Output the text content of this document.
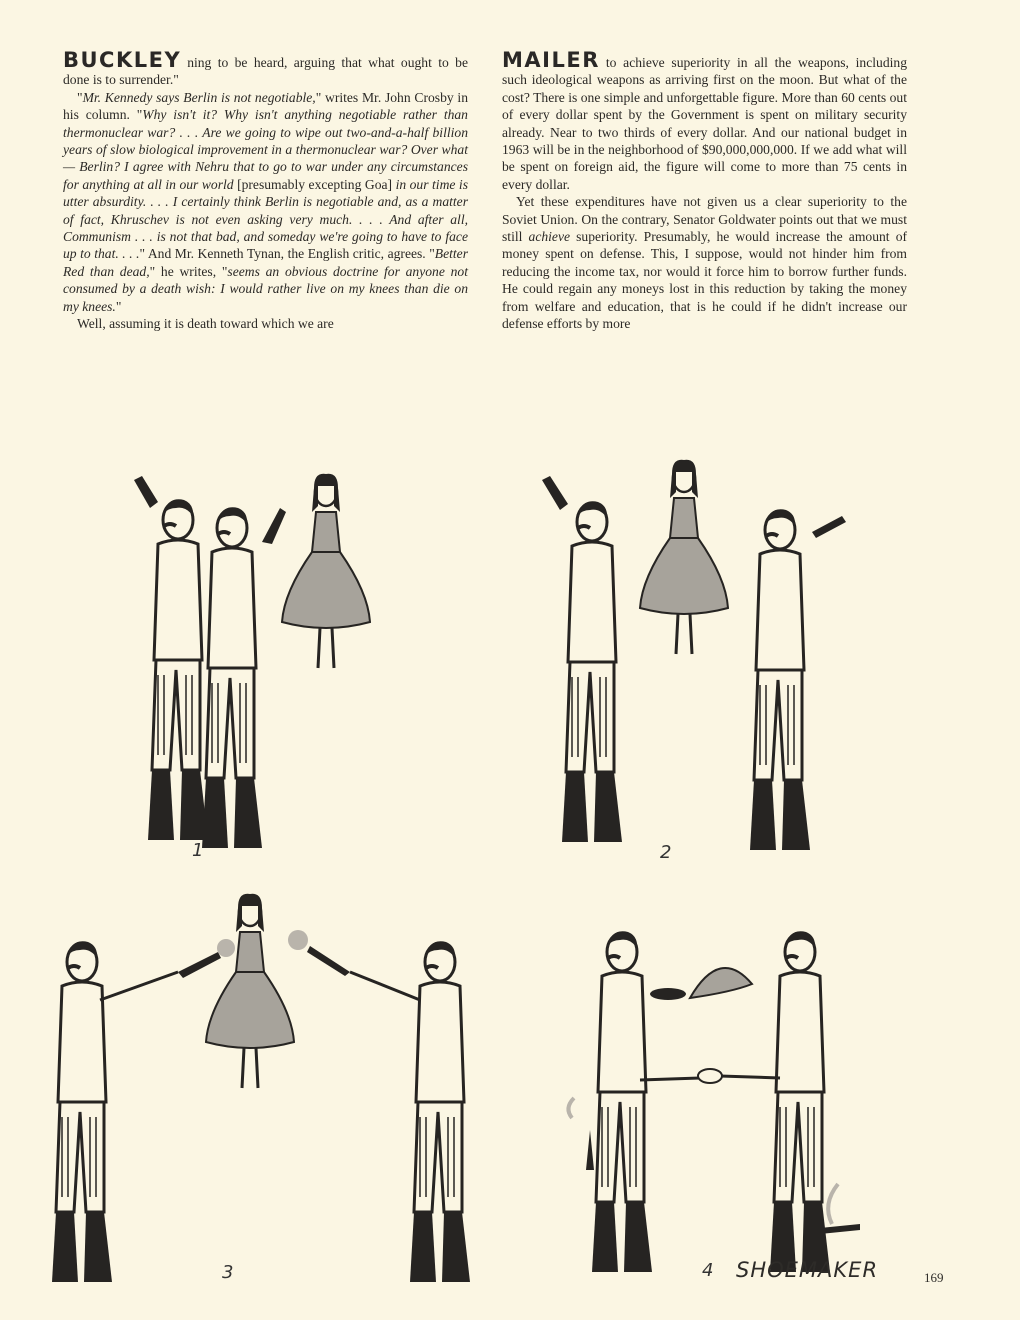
BUCKLEY ning to be heard, arguing that what ought to be done is to surrender."

"Mr. Kennedy says Berlin is not negotiable," writes Mr. John Crosby in his column. "Why isn't it? Why isn't anything negotiable rather than thermonuclear war? . . . Are we going to wipe out two-and-a-half billion years of slow biological improvement in a thermonuclear war? Over what — Berlin? I agree with Nehru that to go to war under any circumstances for anything at all in our world [presumably excepting Goa] in our time is utter absurdity. . . . I certainly think Berlin is negotiable and, as a matter of fact, Khruschev is not even asking very much. . . . And after all, Communism . . . is not that bad, and someday we're going to have to face up to that. . . ." And Mr. Kenneth Tynan, the English critic, agrees. "Better Red than dead," he writes, "seems an obvious doctrine for anyone not consumed by a death wish: I would rather live on my knees than die on my knees."

Well, assuming it is death toward which we are

MAILER to achieve superiority in all the weapons, including such ideological weapons as arriving first on the moon. But what of the cost? There is one simple and unforgettable figure. More than 60 cents out of every dollar spent by the Government is spent on military security already. Near to two thirds of every dollar. And our national budget in 1963 will be in the neighborhood of $90,000,000,000. If we add what will be spent on foreign aid, the figure will come to more than 75 cents in every dollar.

Yet these expenditures have not given us a clear superiority to the Soviet Union. On the contrary, Senator Goldwater points out that we must still achieve superiority. Presumably, he would increase the amount of money spent on defense. This, I suppose, would not hinder him from reducing the income tax, nor would it force him to borrow further funds. He could regain any moneys lost in this reduction by taking the money from welfare and education, that is he could if he didn't increase our defense efforts by more

1	2
3	4 SHOEMAKER	169
